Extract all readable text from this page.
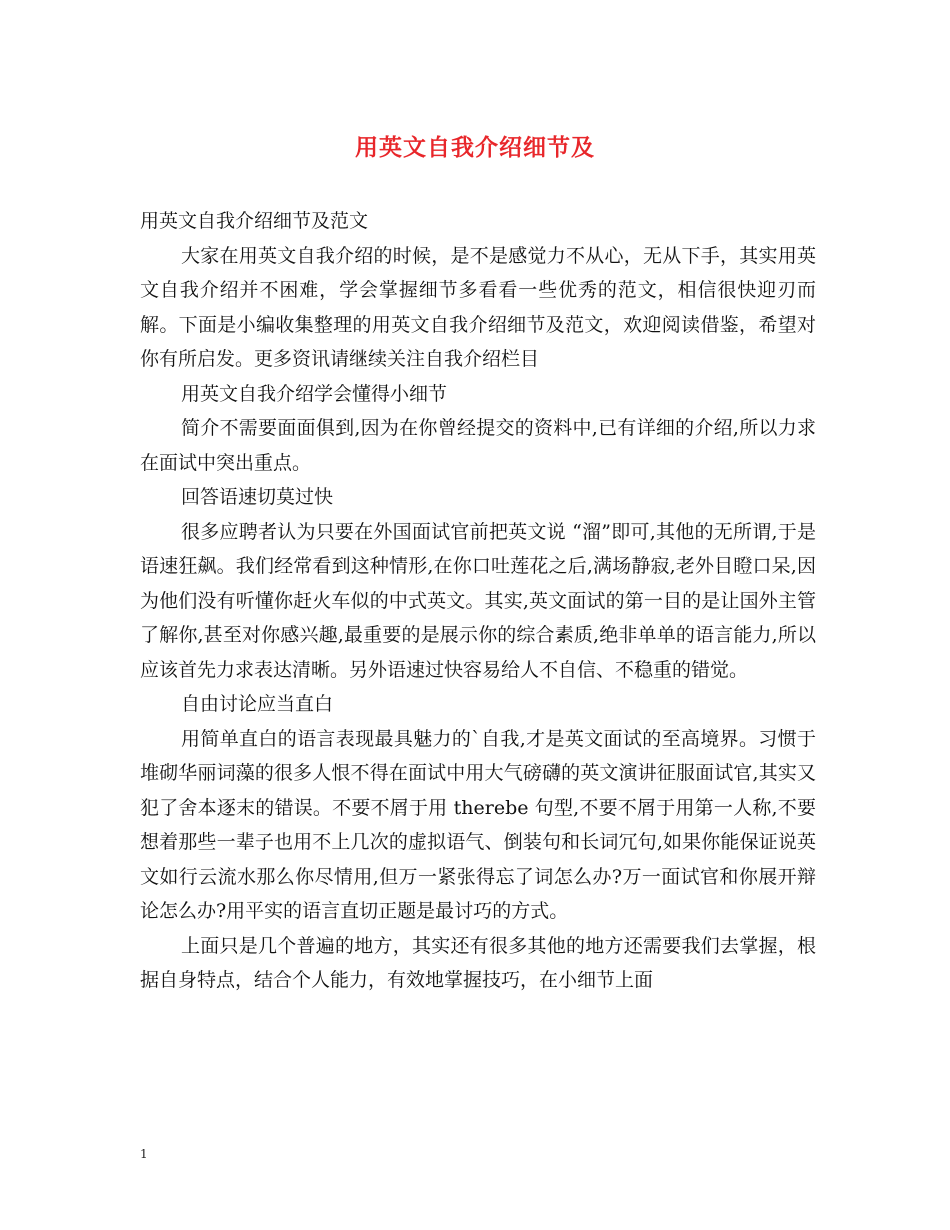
用英文自我介绍细节及

用英文自我介绍细节及范文

大家在用英文自我介绍的时候，是不是感觉力不从心，无从下手，其实用英文自我介绍并不困难，学会掌握细节多看看一些优秀的范文，相信很快迎刃而解。下面是小编收集整理的用英文自我介绍细节及范文，欢迎阅读借鉴，希望对你有所启发。更多资讯请继续关注自我介绍栏目

用英文自我介绍学会懂得小细节

简介不需要面面俱到,因为在你曾经提交的资料中,已有详细的介绍,所以力求在面试中突出重点。

回答语速切莫过快

很多应聘者认为只要在外国面试官前把英文说 “溜”即可,其他的无所谓,于是语速狂飙。我们经常看到这种情形,在你口吐莲花之后,满场静寂,老外目瞪口呆,因为他们没有听懂你赶火车似的中式英文。其实,英文面试的第一目的是让国外主管了解你,甚至对你感兴趣,最重要的是展示你的综合素质,绝非单单的语言能力,所以应该首先力求表达清晰。另外语速过快容易给人不自信、不稳重的错觉。

自由讨论应当直白

用简单直白的语言表现最具魅力的`自我,才是英文面试的至高境界。习惯于堆砌华丽词藻的很多人恨不得在面试中用大气磅礴的英文演讲征服面试官,其实又犯了舍本逐末的错误。不要不屑于用 therebe 句型,不要不屑于用第一人称,不要想着那些一辈子也用不上几次的虚拟语气、倒装句和长词冗句,如果你能保证说英文如行云流水那么你尽情用,但万一紧张得忘了词怎么办?万一面试官和你展开辩论怎么办?用平实的语言直切正题是最讨巧的方式。

上面只是几个普遍的地方，其实还有很多其他的地方还需要我们去掌握，根据自身特点，结合个人能力，有效地掌握技巧，在小细节上面

1
